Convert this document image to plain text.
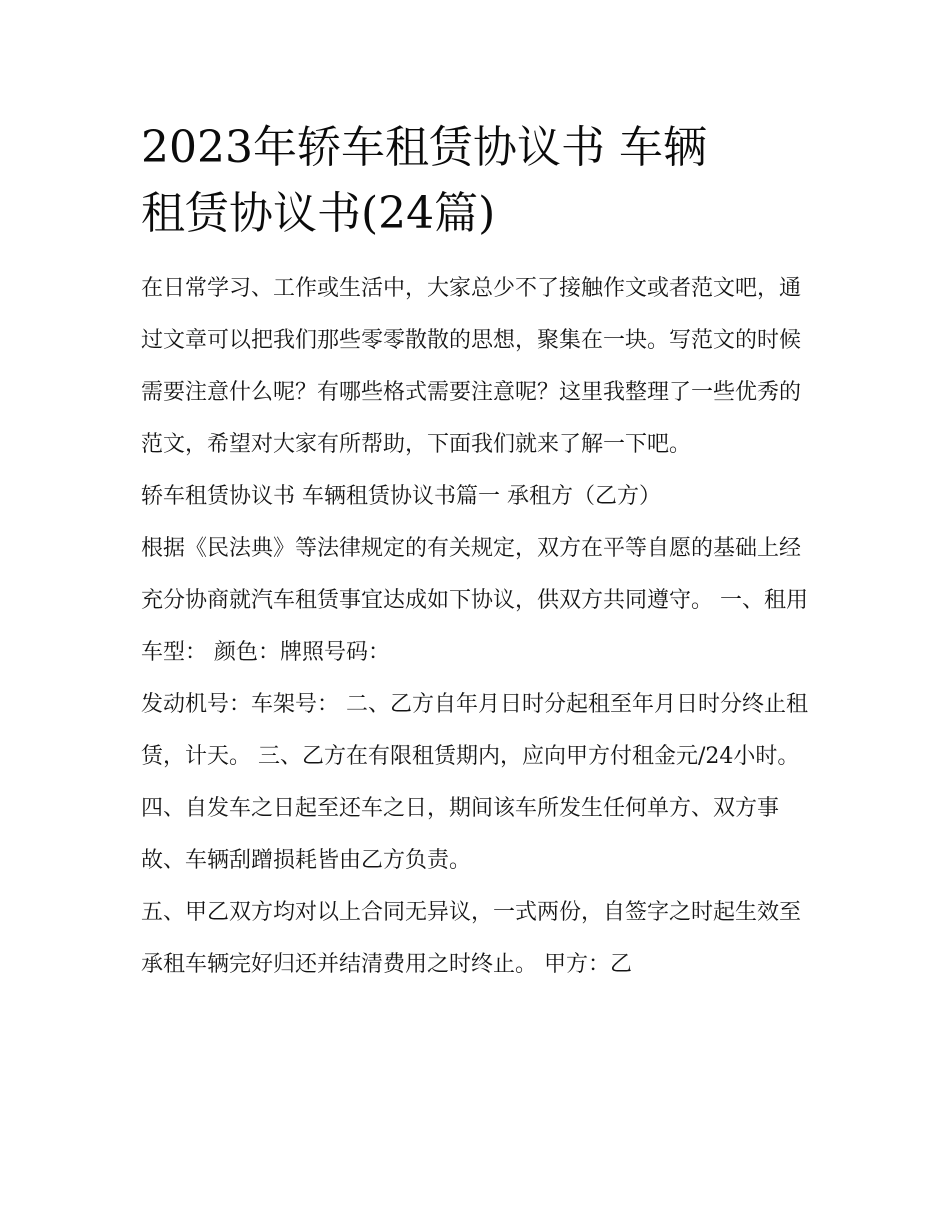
2023年轿车租赁协议书 车辆
租赁协议书(24篇)

在日常学习、工作或生活中，大家总少不了接触作文或者范文吧，通过文章可以把我们那些零零散散的思想，聚集在一块。写范文的时候需要注意什么呢？有哪些格式需要注意呢？这里我整理了一些优秀的范文，希望对大家有所帮助，下面我们就来了解一下吧。

轿车租赁协议书 车辆租赁协议书篇一 承租方（乙方）

根据《民法典》等法律规定的有关规定，双方在平等自愿的基础上经充分协商就汽车租赁事宜达成如下协议，供双方共同遵守。 一、租用车型： 颜色：牌照号码：

发动机号：车架号： 二、乙方自年月日时分起租至年月日时分终止租赁，计天。 三、乙方在有限租赁期内，应向甲方付租金元/24小时。

四、自发车之日起至还车之日，期间该车所发生任何单方、双方事故、车辆刮蹭损耗皆由乙方负责。

五、甲乙双方均对以上合同无异议，一式两份，自签字之时起生效至承租车辆完好归还并结清费用之时终止。 甲方：乙
